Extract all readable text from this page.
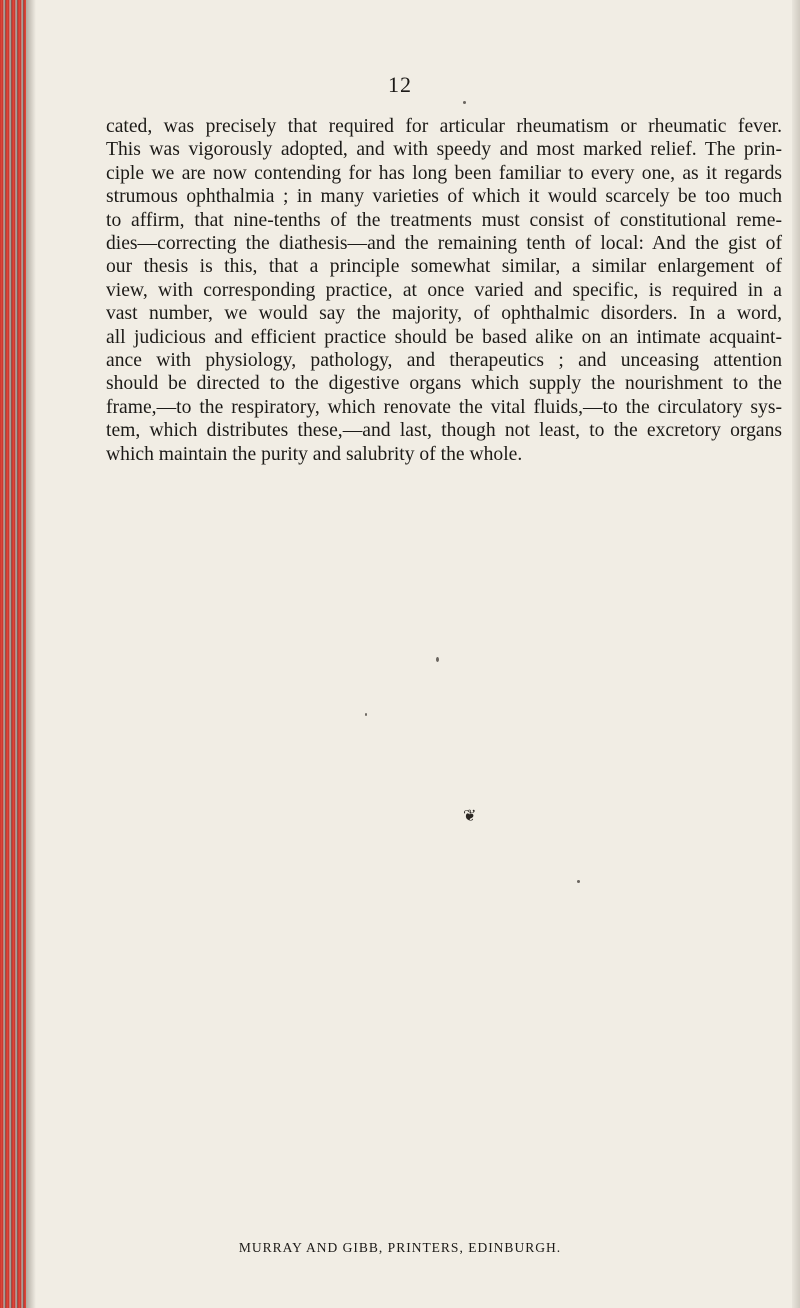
12

cated, was precisely that required for articular rheumatism or rheumatic fever.
This was vigorously adopted, and with speedy and most marked relief. The prin-
ciple we are now contending for has long been familiar to every one, as it regards
strumous ophthalmia ; in many varieties of which it would scarcely be too much
to affirm, that nine-tenths of the treatments must consist of constitutional reme-
dies—correcting the diathesis—and the remaining tenth of local: And the gist of
our thesis is this, that a principle somewhat similar, a similar enlargement of
view, with corresponding practice, at once varied and specific, is required in a
vast number, we would say the majority, of ophthalmic disorders. In a word,
all judicious and efficient practice should be based alike on an intimate acquaint-
ance with physiology, pathology, and therapeutics ; and unceasing attention
should be directed to the digestive organs which supply the nourishment to the
frame,—to the respiratory, which renovate the vital fluids,—to the circulatory sys-
tem, which distributes these,—and last, though not least, to the excretory organs
which maintain the purity and salubrity of the whole.

❦
MURRAY AND GIBB, PRINTERS, EDINBURGH.
